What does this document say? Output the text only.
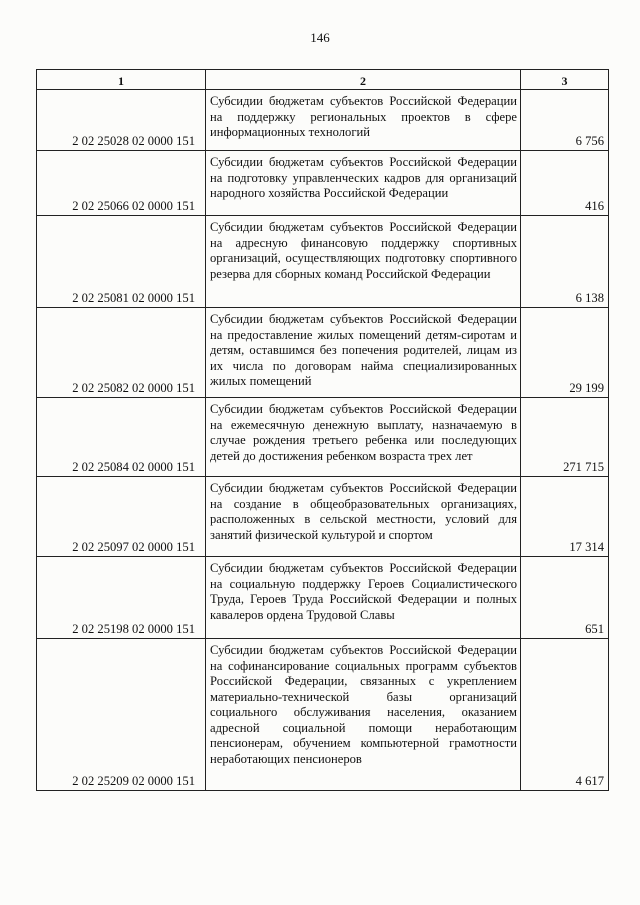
146
1	2	3
2 02 25028 02 0000 151	Субсидии бюджетам субъектов Российской Федерации на поддержку региональных проектов в сфере информационных технологий	6 756
2 02 25066 02 0000 151	Субсидии бюджетам субъектов Российской Федерации на подготовку управленческих кадров для организаций народного хозяйства Российской Федерации	416
2 02 25081 02 0000 151	Субсидии бюджетам субъектов Российской Федерации на адресную финансовую поддержку спортивных организаций, осуществляющих подготовку спортивного резерва для сборных команд Российской Федерации	6 138
2 02 25082 02 0000 151	Субсидии бюджетам субъектов Российской Федерации на предоставление жилых помещений детям-сиротам и детям, оставшимся без попечения родителей, лицам из их числа по договорам найма специализированных жилых помещений	29 199
2 02 25084 02 0000 151	Субсидии бюджетам субъектов Российской Федерации на ежемесячную денежную выплату, назначаемую в случае рождения третьего ребенка или последующих детей до достижения ребенком возраста трех лет	271 715
2 02 25097 02 0000 151	Субсидии бюджетам субъектов Российской Федерации на создание в общеобразовательных организациях, расположенных в сельской местности, условий для занятий физической культурой и спортом	17 314
2 02 25198 02 0000 151	Субсидии бюджетам субъектов Российской Федерации на социальную поддержку Героев Социалистического Труда, Героев Труда Российской Федерации и полных кавалеров ордена Трудовой Славы	651
2 02 25209 02 0000 151	Субсидии бюджетам субъектов Российской Федерации на софинансирование социальных программ субъектов Российской Федерации, связанных с укреплением материально-технической базы организаций социального обслуживания населения, оказанием адресной социальной помощи неработающим пенсионерам, обучением компьютерной грамотности неработающих пенсионеров	4 617
